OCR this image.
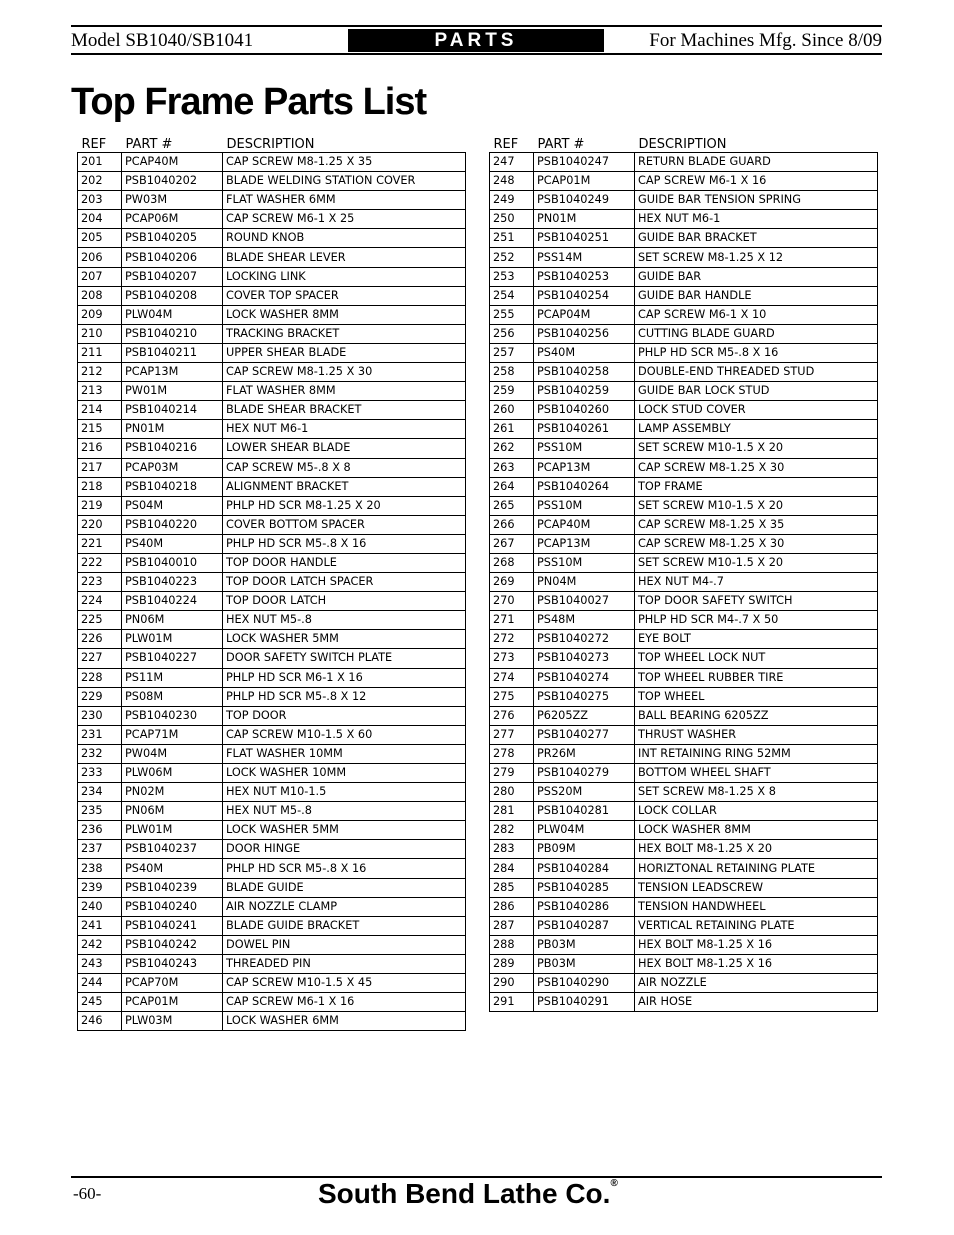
Model SB1040/SB1041	PARTS	For Machines Mfg. Since 8/09
Top Frame Parts List
REF	PART #	DESCRIPTION
201	PCAP40M	CAP SCREW M8-1.25 X 35
202	PSB1040202	BLADE WELDING STATION COVER
203	PW03M	FLAT WASHER 6MM
204	PCAP06M	CAP SCREW M6-1 X 25
205	PSB1040205	ROUND KNOB
206	PSB1040206	BLADE SHEAR LEVER
207	PSB1040207	LOCKING LINK
208	PSB1040208	COVER TOP SPACER
209	PLW04M	LOCK WASHER 8MM
210	PSB1040210	TRACKING BRACKET
211	PSB1040211	UPPER SHEAR BLADE
212	PCAP13M	CAP SCREW M8-1.25 X 30
213	PW01M	FLAT WASHER 8MM
214	PSB1040214	BLADE SHEAR BRACKET
215	PN01M	HEX NUT M6-1
216	PSB1040216	LOWER SHEAR BLADE
217	PCAP03M	CAP SCREW M5-.8 X 8
218	PSB1040218	ALIGNMENT BRACKET
219	PS04M	PHLP HD SCR M8-1.25 X 20
220	PSB1040220	COVER BOTTOM SPACER
221	PS40M	PHLP HD SCR M5-.8 X 16
222	PSB1040010	TOP DOOR HANDLE
223	PSB1040223	TOP DOOR LATCH SPACER
224	PSB1040224	TOP DOOR LATCH
225	PN06M	HEX NUT M5-.8
226	PLW01M	LOCK WASHER 5MM
227	PSB1040227	DOOR SAFETY SWITCH PLATE
228	PS11M	PHLP HD SCR M6-1 X 16
229	PS08M	PHLP HD SCR M5-.8 X 12
230	PSB1040230	TOP DOOR
231	PCAP71M	CAP SCREW M10-1.5 X 60
232	PW04M	FLAT WASHER 10MM
233	PLW06M	LOCK WASHER 10MM
234	PN02M	HEX NUT M10-1.5
235	PN06M	HEX NUT M5-.8
236	PLW01M	LOCK WASHER 5MM
237	PSB1040237	DOOR HINGE
238	PS40M	PHLP HD SCR M5-.8 X 16
239	PSB1040239	BLADE GUIDE
240	PSB1040240	AIR NOZZLE CLAMP
241	PSB1040241	BLADE GUIDE BRACKET
242	PSB1040242	DOWEL PIN
243	PSB1040243	THREADED PIN
244	PCAP70M	CAP SCREW M10-1.5 X 45
245	PCAP01M	CAP SCREW M6-1 X 16
246	PLW03M	LOCK WASHER 6MM
REF	PART #	DESCRIPTION
247	PSB1040247	RETURN BLADE GUARD
248	PCAP01M	CAP SCREW M6-1 X 16
249	PSB1040249	GUIDE BAR TENSION SPRING
250	PN01M	HEX NUT M6-1
251	PSB1040251	GUIDE BAR BRACKET
252	PSS14M	SET SCREW M8-1.25 X 12
253	PSB1040253	GUIDE BAR
254	PSB1040254	GUIDE BAR HANDLE
255	PCAP04M	CAP SCREW M6-1 X 10
256	PSB1040256	CUTTING BLADE GUARD
257	PS40M	PHLP HD SCR M5-.8 X 16
258	PSB1040258	DOUBLE-END THREADED STUD
259	PSB1040259	GUIDE BAR LOCK STUD
260	PSB1040260	LOCK STUD COVER
261	PSB1040261	LAMP ASSEMBLY
262	PSS10M	SET SCREW M10-1.5 X 20
263	PCAP13M	CAP SCREW M8-1.25 X 30
264	PSB1040264	TOP FRAME
265	PSS10M	SET SCREW M10-1.5 X 20
266	PCAP40M	CAP SCREW M8-1.25 X 35
267	PCAP13M	CAP SCREW M8-1.25 X 30
268	PSS10M	SET SCREW M10-1.5 X 20
269	PN04M	HEX NUT M4-.7
270	PSB1040027	TOP DOOR SAFETY SWITCH
271	PS48M	PHLP HD SCR M4-.7 X 50
272	PSB1040272	EYE BOLT
273	PSB1040273	TOP WHEEL LOCK NUT
274	PSB1040274	TOP WHEEL RUBBER TIRE
275	PSB1040275	TOP WHEEL
276	P6205ZZ	BALL BEARING 6205ZZ
277	PSB1040277	THRUST WASHER
278	PR26M	INT RETAINING RING 52MM
279	PSB1040279	BOTTOM WHEEL SHAFT
280	PSS20M	SET SCREW M8-1.25 X 8
281	PSB1040281	LOCK COLLAR
282	PLW04M	LOCK WASHER 8MM
283	PB09M	HEX BOLT M8-1.25 X 20
284	PSB1040284	HORIZTONAL RETAINING PLATE
285	PSB1040285	TENSION LEADSCREW
286	PSB1040286	TENSION HANDWHEEL
287	PSB1040287	VERTICAL RETAINING PLATE
288	PB03M	HEX BOLT M8-1.25 X 16
289	PB03M	HEX BOLT M8-1.25 X 16
290	PSB1040290	AIR NOZZLE
291	PSB1040291	AIR HOSE
-60-	South Bend Lathe Co.®
